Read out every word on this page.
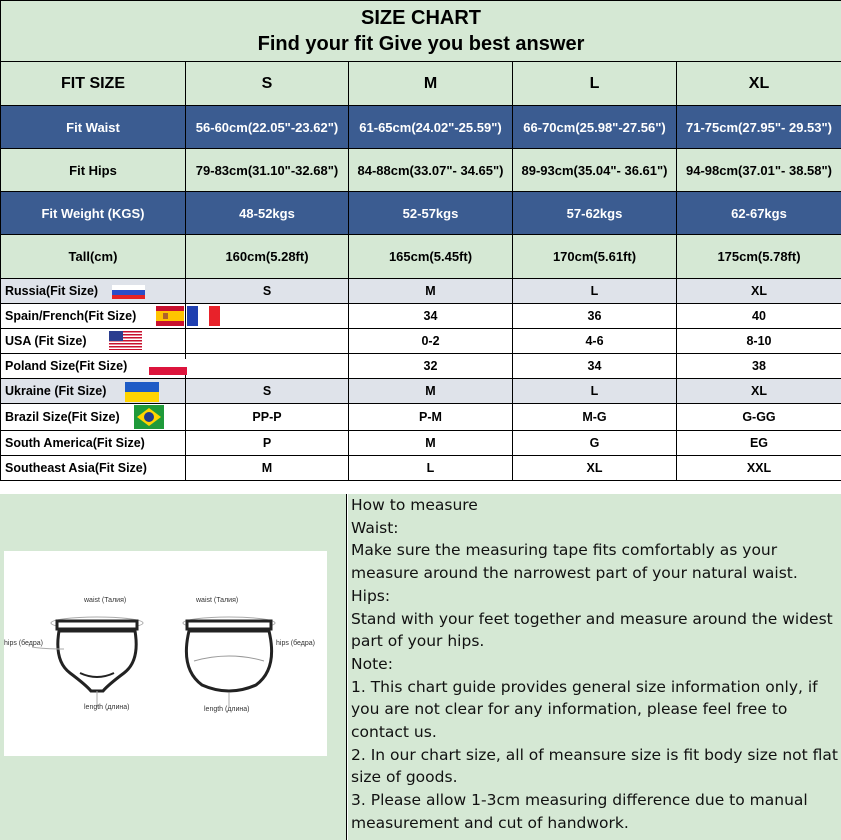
SIZE CHART
Find your fit Give you best answer				

FIT SIZE	S	M	L	XL
Fit Waist	56-60cm(22.05"-23.62")	61-65cm(24.02"-25.59")	66-70cm(25.98"-27.56")	71-75cm(27.95"- 29.53")
Fit Hips	79-83cm(31.10"-32.68")	84-88cm(33.07"- 34.65")	89-93cm(35.04"- 36.61")	94-98cm(37.01"- 38.58")
Fit Weight (KGS)	48-52kgs	52-57kgs	57-62kgs	62-67kgs
Tall(cm)	160cm(5.28ft)	165cm(5.45ft)	170cm(5.61ft)	175cm(5.78ft)
Russia(Fit Size)	S	M	L	XL
Spain/French(Fit Size)		34	36	40
USA (Fit Size)		0-2	4-6	8-10
Poland Size(Fit Size)		32	34	38
Ukraine (Fit Size)	S	M	L	XL
Brazil Size(Fit Size)	PP-P	P-M	M-G	G-GG
South America(Fit Size)	P	M	G	EG
Southeast Asia(Fit Size)	M	L	XL	XXL
waist (Талия)	waist (Талия)
hips (бедра)	hips (бедра)
length (длина)	length (длина)
How to measure
Waist:
Make sure the measuring tape fits comfortably as your
measure around the narrowest part of your natural waist.
Hips:
Stand with your feet together and measure around the widest
part of your hips.
Note:
1. This chart guide provides general size information only, if
you are not clear for any information, please feel free to
contact us.
2. In our chart size, all of meansure size is fit body size not flat
size of goods.
3. Please allow 1-3cm measuring difference due to manual
measurement and cut of handwork.
